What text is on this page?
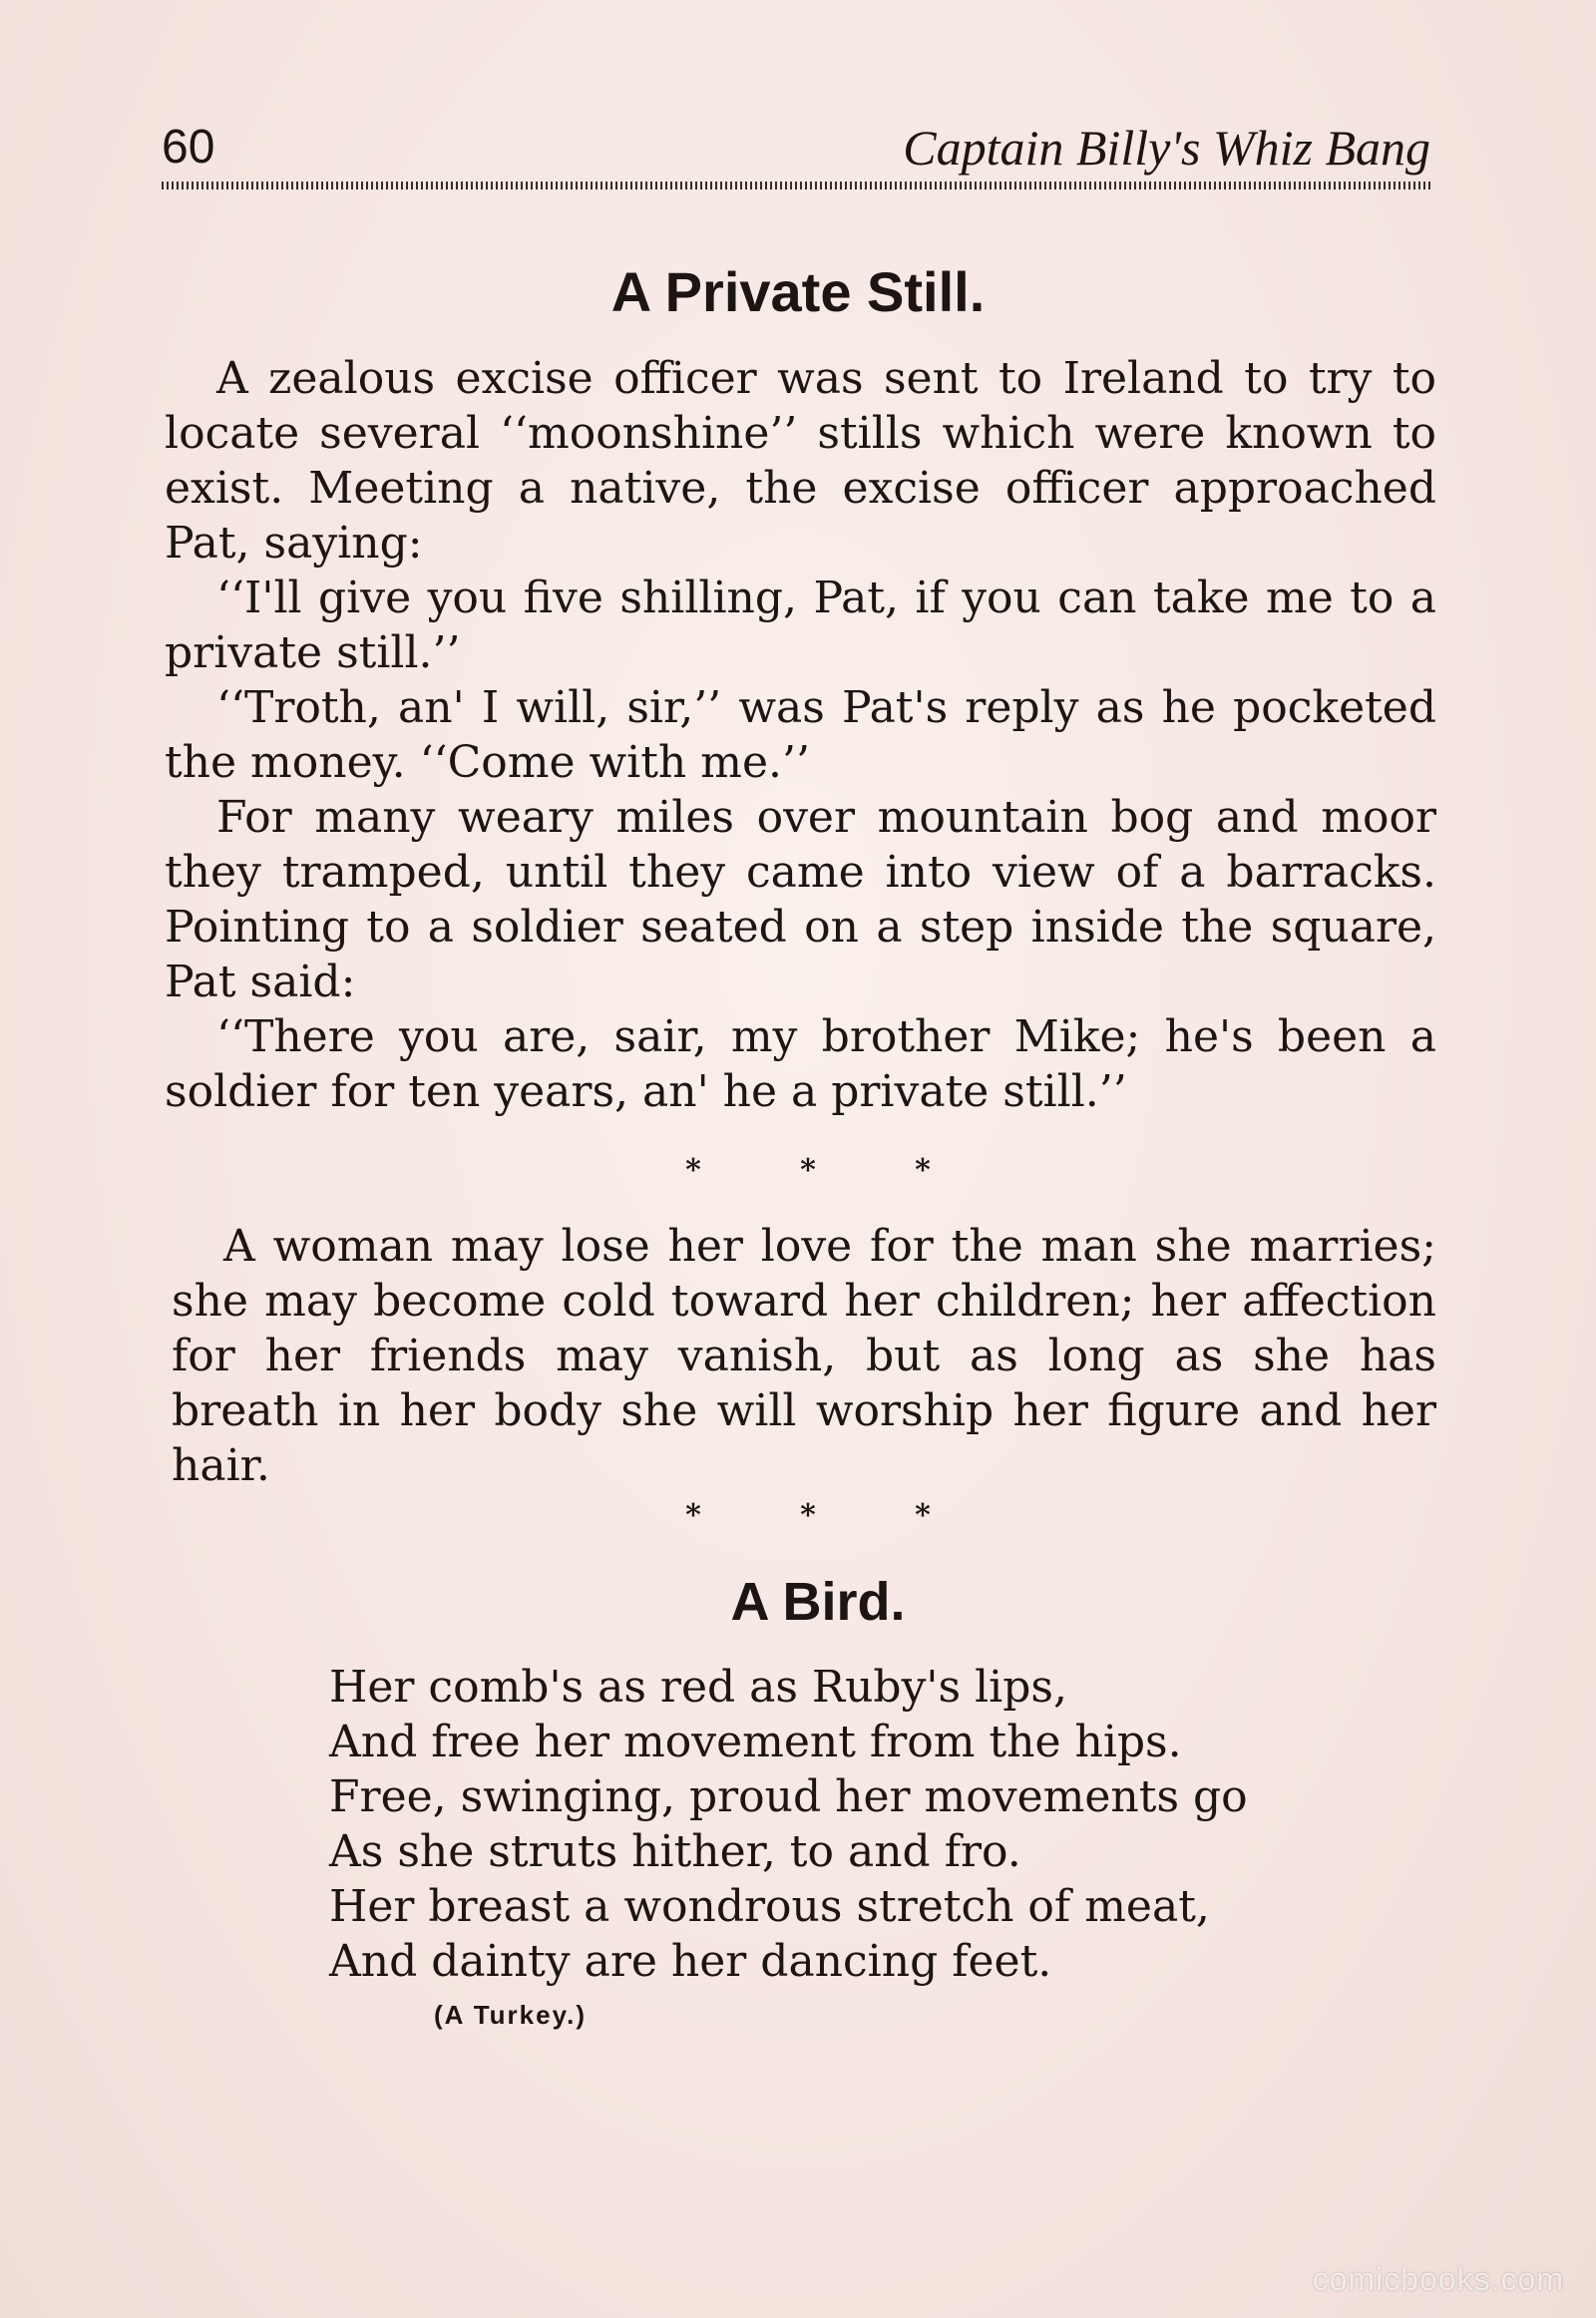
60	Captain Billy's Whiz Bang
A Private Still.

A zealous excise officer was sent to Ireland to try to locate several ‘‘moonshine’’ stills which were known to exist. Meeting a native, the excise officer approached Pat, saying:

‘‘I'll give you five shilling, Pat, if you can take me to a private still.’’

‘‘Troth, an' I will, sir,’’ was Pat's reply as he pocketed the money. ‘‘Come with me.’’

For many weary miles over mountain bog and moor they tramped, until they came into view of a barracks. Pointing to a soldier seated on a step inside the square, Pat said:

‘‘There you are, sair, my brother Mike; he's been a soldier for ten years, an' he a private still.’’

*	*	*

A woman may lose her love for the man she marries; she may become cold toward her children; her affection for her friends may vanish, but as long as she has breath in her body she will worship her figure and her hair.

*	*	*
A Bird.
Her comb's as red as Ruby's lips,
And free her movement from the hips.
Free, swinging, proud her movements go
As she struts hither, to and fro.
Her breast a wondrous stretch of meat,
And dainty are her dancing feet.
(A Turkey.)
comicbooks.com
